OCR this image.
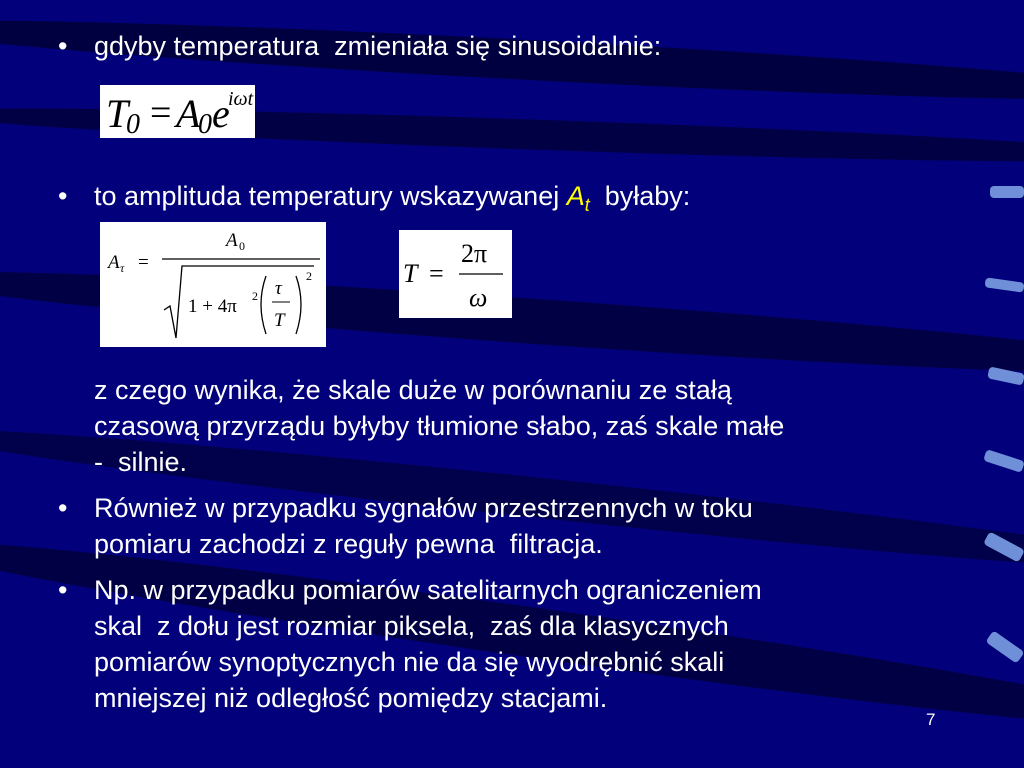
• gdyby temperatura  zmieniała się sinusoidalnie:
T
0 = A
0 e
iωt
• to amplituda temperatury wskazywanej $A_t$  byłaby:
A τ =
A 0
1 + 4π 2 τ
T
2	T =
2π
ω
z czego wynika, że skale duże w porównaniu ze stałą
czasową przyrządu byłyby tłumione słabo, zaś skale małe
-  silnie.
• Również w przypadku sygnałów przestrzennych w toku
pomiaru zachodzi z reguły pewna  filtracja.
• Np. w przypadku pomiarów satelitarnych ograniczeniem
skal  z dołu jest rozmiar piksela,  zaś dla klasycznych
pomiarów synoptycznych nie da się wyodrębnić skali
mniejszej niż odległość pomiędzy stacjami.
7
